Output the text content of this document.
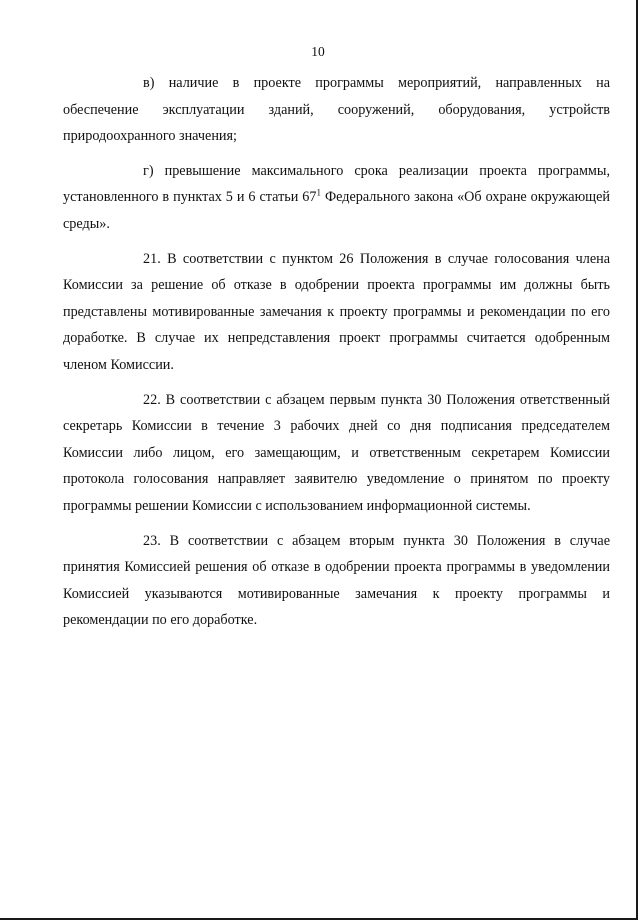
10

в) наличие в проекте программы мероприятий, направленных на обеспечение эксплуатации зданий, сооружений, оборудования, устройств природоохранного значения;

г) превышение максимального срока реализации проекта программы, установленного в пунктах 5 и 6 статьи $67^1$ Федерального закона «Об охране окружающей среды».

21. В соответствии с пунктом 26 Положения в случае голосования члена Комиссии за решение об отказе в одобрении проекта программы им должны быть представлены мотивированные замечания к проекту программы и рекомендации по его доработке. В случае их непредставления проект программы считается одобренным членом Комиссии.

22. В соответствии с абзацем первым пункта 30 Положения ответственный секретарь Комиссии в течение 3 рабочих дней со дня подписания председателем Комиссии либо лицом, его замещающим, и ответственным секретарем Комиссии протокола голосования направляет заявителю уведомление о принятом по проекту программы решении Комиссии с использованием информационной системы.

23. В соответствии с абзацем вторым пункта 30 Положения в случае принятия Комиссией решения об отказе в одобрении проекта программы в уведомлении Комиссией указываются мотивированные замечания к проекту программы и рекомендации по его доработке.
